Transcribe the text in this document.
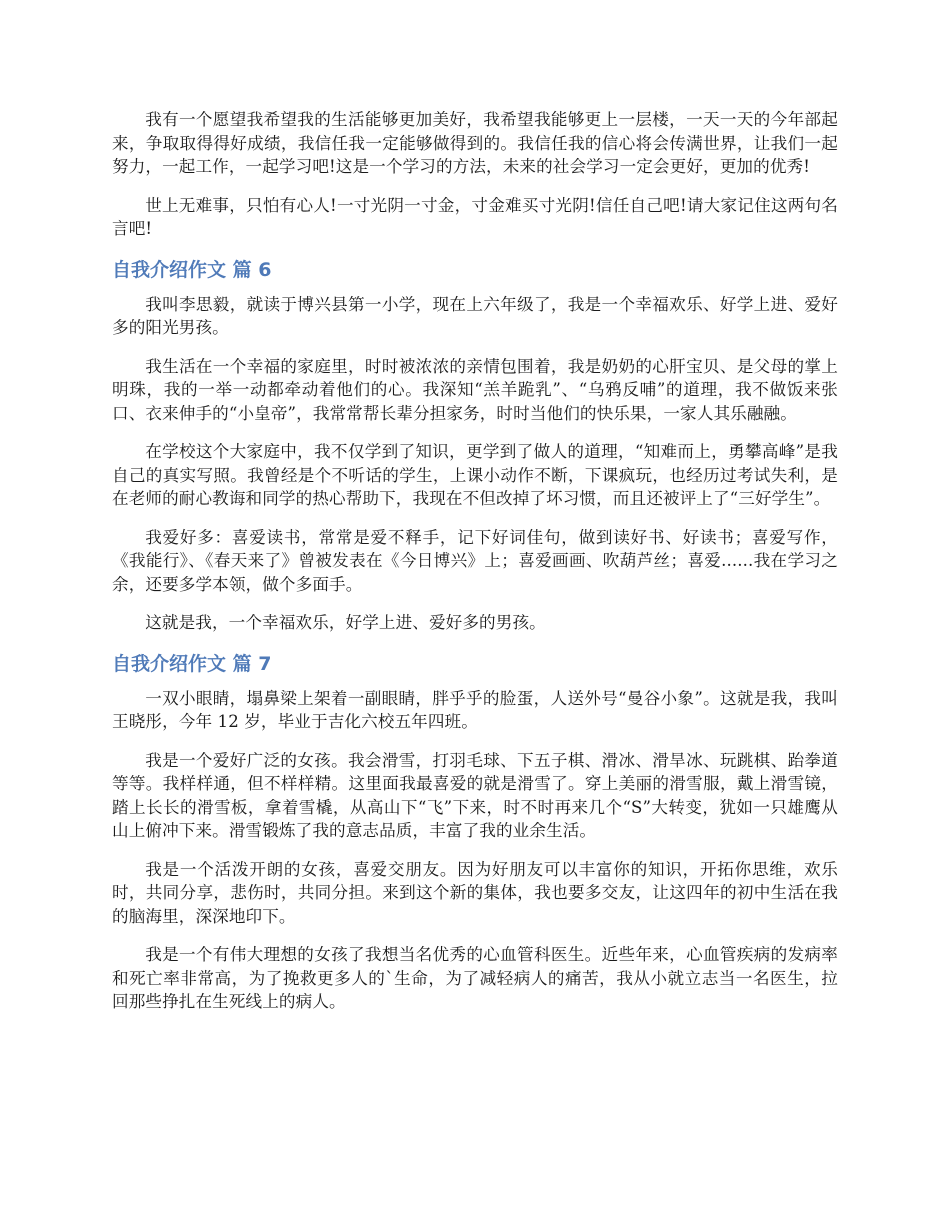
我有一个愿望我希望我的生活能够更加美好，我希望我能够更上一层楼，一天一天的今年部起来，争取取得得好成绩，我信任我一定能够做得到的。我信任我的信心将会传满世界，让我们一起努力，一起工作，一起学习吧!这是一个学习的方法，未来的社会学习一定会更好，更加的优秀!

世上无难事，只怕有心人!一寸光阴一寸金，寸金难买寸光阴!信任自己吧!请大家记住这两句名言吧!

自我介绍作文 篇 6

我叫李思毅，就读于博兴县第一小学，现在上六年级了，我是一个幸福欢乐、好学上进、爱好多的阳光男孩。

我生活在一个幸福的家庭里，时时被浓浓的亲情包围着，我是奶奶的心肝宝贝、是父母的掌上明珠，我的一举一动都牵动着他们的心。我深知“羔羊跪乳”、“乌鸦反哺”的道理，我不做饭来张口、衣来伸手的“小皇帝”，我常常帮长辈分担家务，时时当他们的快乐果，一家人其乐融融。

在学校这个大家庭中，我不仅学到了知识，更学到了做人的道理，“知难而上，勇攀高峰”是我自己的真实写照。我曾经是个不听话的学生，上课小动作不断，下课疯玩，也经历过考试失利，是在老师的耐心教诲和同学的热心帮助下，我现在不但改掉了坏习惯，而且还被评上了“三好学生”。

我爱好多：喜爱读书，常常是爱不释手，记下好词佳句，做到读好书、好读书；喜爱写作，《我能行》、《春天来了》曾被发表在《今日博兴》上；喜爱画画、吹葫芦丝；喜爱......我在学习之余，还要多学本领，做个多面手。

这就是我，一个幸福欢乐，好学上进、爱好多的男孩。

自我介绍作文 篇 7

一双小眼睛，塌鼻梁上架着一副眼睛，胖乎乎的脸蛋，人送外号“曼谷小象”。这就是我，我叫王晓彤，今年 12 岁，毕业于吉化六校五年四班。

我是一个爱好广泛的女孩。我会滑雪，打羽毛球、下五子棋、滑冰、滑旱冰、玩跳棋、跆拳道等等。我样样通，但不样样精。这里面我最喜爱的就是滑雪了。穿上美丽的滑雪服，戴上滑雪镜，踏上长长的滑雪板，拿着雪橇，从高山下“飞”下来，时不时再来几个“S”大转变，犹如一只雄鹰从山上俯冲下来。滑雪锻炼了我的意志品质，丰富了我的业余生活。

我是一个活泼开朗的女孩，喜爱交朋友。因为好朋友可以丰富你的知识，开拓你思维，欢乐时，共同分享，悲伤时，共同分担。来到这个新的集体，我也要多交友，让这四年的初中生活在我的脑海里，深深地印下。

我是一个有伟大理想的女孩了我想当名优秀的心血管科医生。近些年来，心血管疾病的发病率和死亡率非常高，为了挽救更多人的`生命，为了减轻病人的痛苦，我从小就立志当一名医生，拉回那些挣扎在生死线上的病人。
